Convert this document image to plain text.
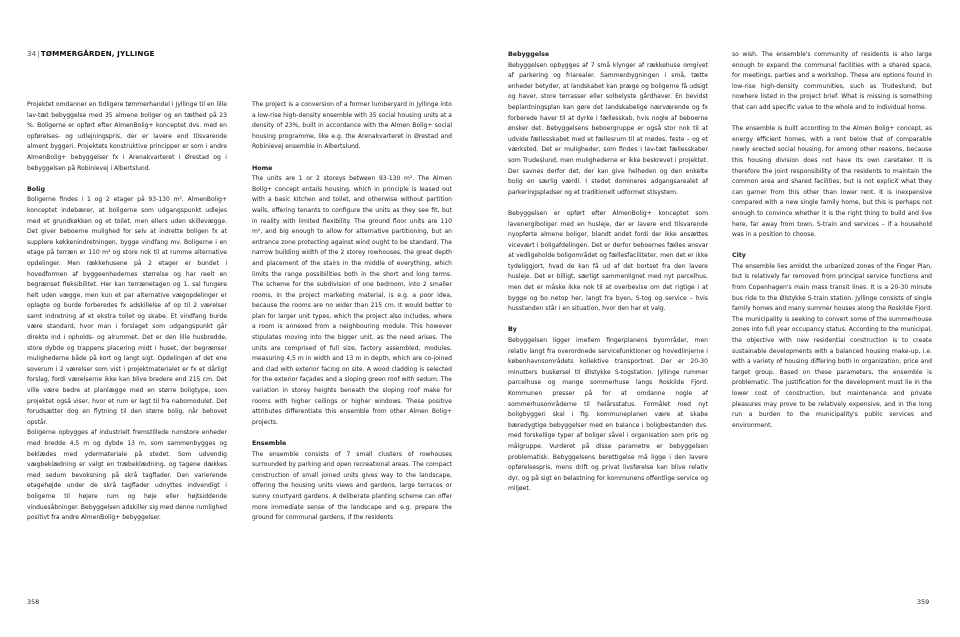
34|TØMMERGÅRDEN, JYLLINGE

Projektet omdanner en tidligere tømmerhandel i Jyllinge til en lille lav-tæt bebyggelse med 35 almene boliger og en tæthed på 23 %. Boligerne er opført efter AlmenBolig+ konceptet dvs. med en opførelses- og udlejningspris, der er lavere end tilsvarende alment byggeri. Projektets konstruktive principper er som i andre AlmenBolig+ bebyggelser fx i Arenakvarteret i Ørestad og i bebyggelsen på Robinievej i Albertslund.

Bolig

Boligerne findes i 1 og 2 etager på 93-130 m². AlmenBolig+ konceptet indebærer, at boligerne som udgangspunkt udlejes med et grundkøkken og et toilet, men ellers uden skillevægge. Det giver beboerne mulighed for selv at indrette boligen fx at supplere køkkenindretningen, bygge vindfang mv. Boligerne i en etage på terræn er 110 m² og store nok til at rumme alternative opdelinger. Men rækkehusene på 2 etager er bundet i hovedformen af byggeenhedernes størrelse og har reelt en begrænset fleksibilitet. Her kan terrænetagen og 1. sal fungere helt uden vægge, men kun et par alternative vægopdelinger er oplagte og burde forberedes fx adskillelse af op til 2 værelser samt indretning af et ekstra toilet og skabe. Et vindfang burde være standard, hvor man i forslaget som udgangspunkt går direkte ind i opholds- og alrummet. Det er den lille husbredde, store dybde og trappens placering midt i huset, der begrænser mulighederne både på kort og langt sigt. Opdelingen af det ene soverum i 2 værelser som vist i projektmaterialet er fx et dårligt forslag, fordi værelserne ikke kan blive bredere end 215 cm. Det ville være bedre at planlægge med en større boligtype, som projektet også viser, hvor et rum er lagt til fra nabomodulet. Det forudsætter dog en flytning til den større bolig, når behovet opstår.

Boligerne opbygges af industrielt fremstillede rumstore enheder med bredde 4,5 m og dybde 13 m, som sammenbygges og beklædes med ydermateriale på stedet. Som udvendig vægbeklædning er valgt en træbeklædning, og tagene dækkes med sedum bevoksning på skrå tagflader. Den varierende etagehøjde under de skrå tagflader udnyttes indvendigt i boligerne til højere rum og høje eller højtsiddende vinduesåbninger. Bebyggelsen adskiller sig med denne rumlighed positivt fra andre AlmenBolig+ bebyggelser.

The project is a conversion of a former lumberyard in Jyllinge into a low-rise high-density ensemble with 35 social housing units at a density of 23%, built in accordance with the Almen Bolig+ social housing programme, like e.g. the Arenakvarteret in Ørestad and Robinievej ensemble in Albertslund.

Home

The units are 1 or 2 storeys between 93-130 m². The Almen Bolig+ concept entails housing, which in principle is leased out with a basic kitchen and toilet, and otherwise without partition walls, offering tenants to configure the units as they see fit, but in reality with limited flexibility. The ground floor units are 110 m², and big enough to allow for alternative partitioning, but an entrance zone protecting against wind ought to be standard. The narrow building width of the 2 storey rowhouses, the great depth and placement of the stairs in the middle of everything, which limits the range possibilities both in the short and long terms. The scheme for the subdivision of one bedroom, into 2 smaller rooms, in the project marketing material, is e.g. a poor idea, because the rooms are no wider than 215 cm. It would better to plan for larger unit types, which the project also includes, where a room is annexed from a neighbouring module. This however stipulates moving into the bigger unit, as the need arises. The units are comprised of full size, factory assembled, modules, measuring 4,5 m in width and 13 m in depth, which are co-joined and clad with exterior facing on site. A wood cladding is selected for the exterior façades and a sloping green roof with sedum. The variation in storey heights beneath the sloping roof make for rooms with higher ceilings or higher windows. These positive attributes differentiate this ensemble from other Almen Bolig+ projects.

Ensemble

The ensemble consists of 7 small clusters of rowhouses surrounded by parking and open recreational areas. The compact construction of small joined units gives way to the landscape, offering the housing units views and gardens, large terraces or sunny courtyard gardens. A deliberate planting scheme can offer more immediate sense of the landscape and e.g. prepare the ground for communal gardens, if the residents

358
Bebyggelse

Bebyggelsen opbygges af 7 små klynger af rækkehuse omgivet af parkering og friarealer. Sammenbygningen i små, tætte enheder betyder, at landskabet kan præge og boligerne få udsigt og haver, store terrasser eller solbelyste gårdhaver. En bevidst beplantningsplan kan gøre det landskabelige nærværende og fx forberede haver til at dyrke i fællesskab, hvis nogle af beboerne ønsker det. Bebyggelsens beboergruppe er også stor nok til at udvide fællesskabet med et fællesrum til at mødes, feste – og et værksted. Det er muligheder, som findes i lav-tæt fællesskaber som Trudeslund, men mulighederne er ikke beskrevet i projektet. Der savnes derfor det, der kan give helheden og den enkelte bolig en særlig værdi. I stedet domineres adgangsarealet af parkeringspladser og et traditionelt udformet stisystem.

Bebyggelsen er opført efter AlmenBolig+ konceptet som lavenergiboliger med en husleje, der er lavere end tilsvarende nyopførte almene boliger, blandt andet fordi der ikke ansættes vicevært i boligafdelingen. Det er derfor beboernes fælles ansvar at vedligeholde boligområdet og fællesfaciliteter, men det er ikke tydeliggjort, hvad de kan få ud af det bortset fra den lavere husleje. Det er billigt, særligt sammenlignet med nyt parcelhus, men det er måske ikke nok til at overbevise om det rigtige i at bygge og bo netop her, langt fra byen, S-tog og service – hvis husstanden står i en situation, hvor den har et valg.

By

Bebyggelsen ligger imellem fingerplanens byområder, men relativ langt fra overordnede servicefunktioner og hovedlinjerne i københavnsområdets kollektive transportnet. Der er 20-30 minutters buskørsel til Ølstykke S-togstation. Jyllinge rummer parcelhuse og mange sommerhuse langs Roskilde Fjord. Kommunen presser på for at omdanne nogle af sommerhusområderne til helårsstatus. Formålet med nyt boligbyggeri skal i flg. kommuneplanen være at skabe bæredygtige bebyggelser med en balance i boligbestanden dvs. med forskellige typer af boliger såvel i organisation som pris og målgruppe. Vurderet på disse parametre er bebyggelsen problematisk. Bebyggelsens berettigelse må ligge i den lavere opførelsespris, mens drift og privat livsførelse kan blive relativ dyr, og på sigt en belastning for kommunens offentlige service og miljøet.

so wish. The ensemble's community of residents is also large enough to expand the communal facilities with a shared space, for meetings, parties and a workshop. These are options found in low-rise high-density communities, such as Trudeslund, but nowhere listed in the project brief. What is missing is something that can add specific value to the whole and to individual home.

The ensemble is built according to the Almen Bolig+ concept, as energy efficient homes, with a rent below that of comparable newly erected social housing, for among other reasons, because this housing division does not have its own caretaker. It is therefore the joint responsibility of the residents to maintain the common area and shared facilities, but is not explicit what they can garner from this other than lower rent. It is inexpensive compared with a new single family home, but this is perhaps not enough to convince whether it is the right thing to build and live here, far away from town, S-train and services – if a household was in a position to choose.

City

The ensemble lies amidst the urbanized zones of the Finger Plan, but is relatively far removed from principal service functions and from Copenhagen's main mass transit lines. It is a 20-30 minute bus ride to the Ølstykke S-train station. Jyllinge consists of single family homes and many summer houses along the Roskilde Fjord. The municipality is seeking to convert some of the summerhouse zones into full year occupancy status. According to the municipal, the objective with new residential construction is to create sustainable developments with a balanced housing make-up, i.e. with a variety of housing differing both in organization, price and target group. Based on these parameters, the ensemble is problematic. The justification for the development must lie in the lower cost of construction, but maintenance and private pleasures may prove to be relatively expensive, and in the long run a burden to the municipality's public services and environment.

359
